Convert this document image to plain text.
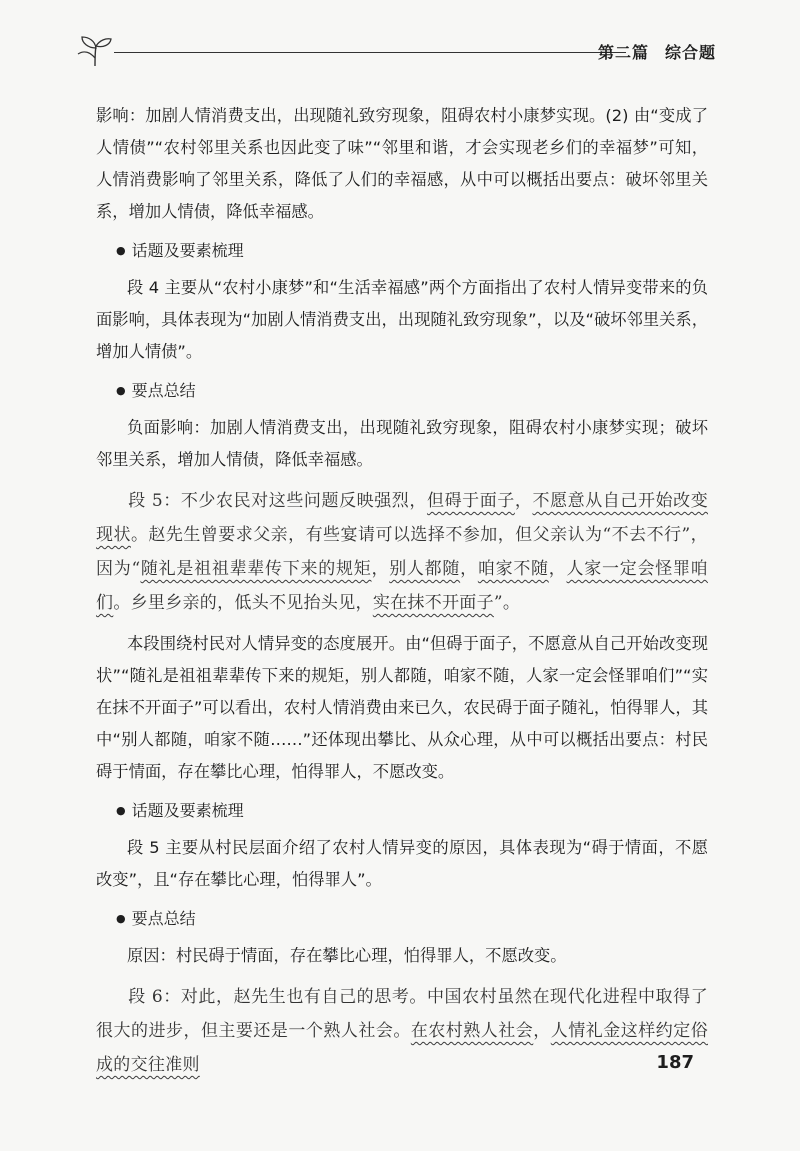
第二篇 综合题

影响：加剧人情消费支出，出现随礼致穷现象，阻碍农村小康梦实现。(2) 由“变成了人情债”“农村邻里关系也因此变了味”“邻里和谐，才会实现老乡们的幸福梦”可知，人情消费影响了邻里关系，降低了人们的幸福感，从中可以概括出要点：破坏邻里关系，增加人情债，降低幸福感。

● 话题及要素梳理

段 4 主要从“农村小康梦”和“生活幸福感”两个方面指出了农村人情异变带来的负面影响，具体表现为“加剧人情消费支出，出现随礼致穷现象”，以及“破坏邻里关系，增加人情债”。

● 要点总结

负面影响：加剧人情消费支出，出现随礼致穷现象，阻碍农村小康梦实现；破坏邻里关系，增加人情债，降低幸福感。

段 5：不少农民对这些问题反映强烈，但碍于面子，不愿意从自己开始改变现状。赵先生曾要求父亲，有些宴请可以选择不参加，但父亲认为“不去不行”，因为“随礼是祖祖辈辈传下来的规矩，别人都随，咱家不随，人家一定会怪罪咱们。乡里乡亲的，低头不见抬头见，实在抹不开面子”。

本段围绕村民对人情异变的态度展开。由“但碍于面子，不愿意从自己开始改变现状”“随礼是祖祖辈辈传下来的规矩，别人都随，咱家不随，人家一定会怪罪咱们”“实在抹不开面子”可以看出，农村人情消费由来已久，农民碍于面子随礼，怕得罪人，其中“别人都随，咱家不随……”还体现出攀比、从众心理，从中可以概括出要点：村民碍于情面，存在攀比心理，怕得罪人，不愿改变。

● 话题及要素梳理

段 5 主要从村民层面介绍了农村人情异变的原因，具体表现为“碍于情面，不愿改变”，且“存在攀比心理，怕得罪人”。

● 要点总结

原因：村民碍于情面，存在攀比心理，怕得罪人，不愿改变。

段 6：对此，赵先生也有自己的思考。中国农村虽然在现代化进程中取得了很大的进步，但主要还是一个熟人社会。在农村熟人社会，人情礼金这样约定俗成的交往准则	187
